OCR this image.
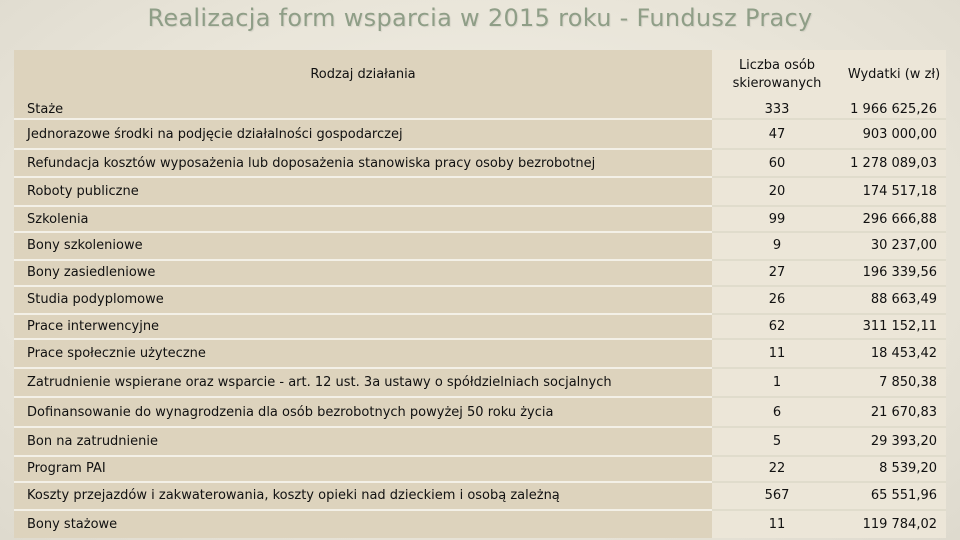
Realizacja form wsparcia w 2015 roku - Fundusz Pracy
Rodzaj działania	Liczba osób skierowanych	Wydatki (w zł)
Staże	333	1 966 625,26
Jednorazowe środki na podjęcie działalności gospodarczej	47	903 000,00
Refundacja kosztów wyposażenia lub doposażenia stanowiska pracy osoby bezrobotnej	60	1 278 089,03
Roboty publiczne	20	174 517,18
Szkolenia	99	296 666,88
Bony szkoleniowe	9	30 237,00
Bony zasiedleniowe	27	196 339,56
Studia podyplomowe	26	88 663,49
Prace interwencyjne	62	311 152,11
Prace społecznie użyteczne	11	18 453,42
Zatrudnienie wspierane oraz wsparcie - art. 12 ust. 3a ustawy o spółdzielniach socjalnych	1	7 850,38
Dofinansowanie do wynagrodzenia dla osób bezrobotnych powyżej 50 roku życia	6	21 670,83
Bon na zatrudnienie	5	29 393,20
Program PAI	22	8 539,20
Koszty przejazdów i zakwaterowania, koszty opieki nad dzieckiem i osobą zależną	567	65 551,96
Bony stażowe	11	119 784,02
